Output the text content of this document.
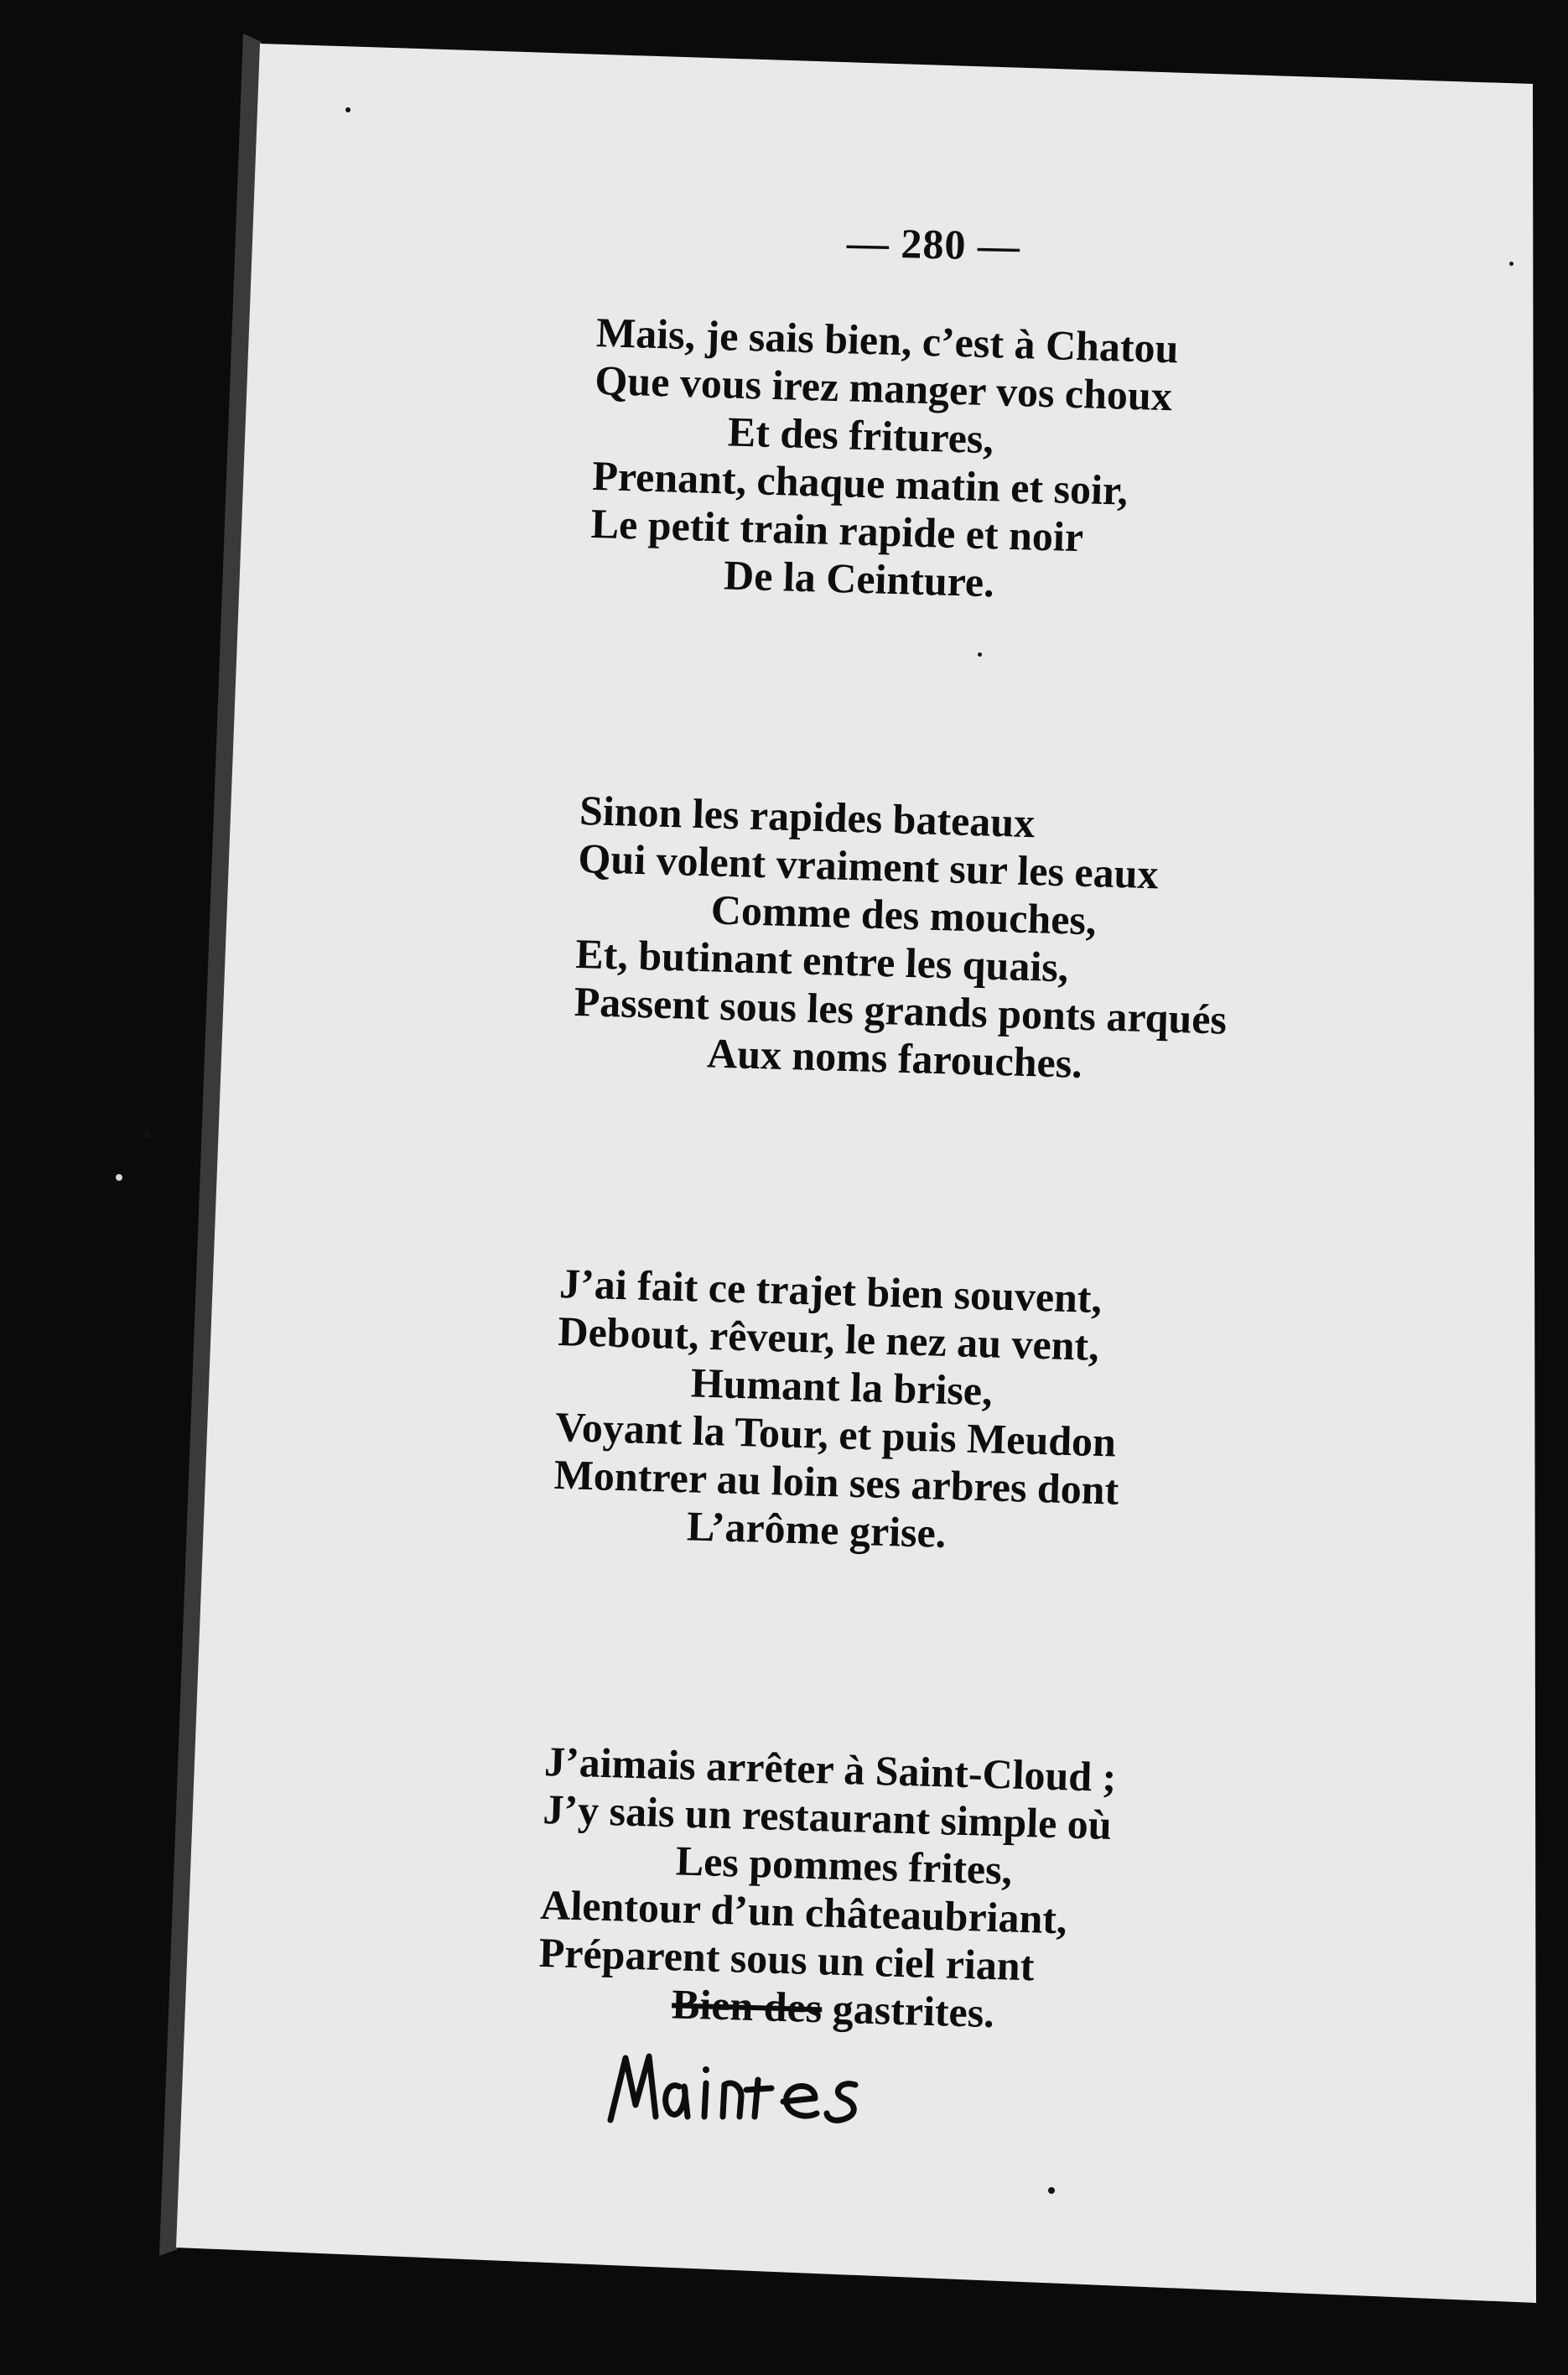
— 280 —
Mais, je sais bien, c’est à Chatou
Que vous irez manger vos choux
Et des fritures,
Prenant, chaque matin et soir,
Le petit train rapide et noir
De la Ceinture.
Sinon les rapides bateaux
Qui volent vraiment sur les eaux
Comme des mouches,
Et, butinant entre les quais,
Passent sous les grands ponts arqués
Aux noms farouches.
J’ai fait ce trajet bien souvent,
Debout, rêveur, le nez au vent,
Humant la brise,
Voyant la Tour, et puis Meudon
Montrer au loin ses arbres dont
L’arôme grise.
J’aimais arrêter à Saint-Cloud ;
J’y sais un restaurant simple où
Les pommes frites,
Alentour d’un châteaubriant,
Préparent sous un ciel riant
Bien des gastrites.
